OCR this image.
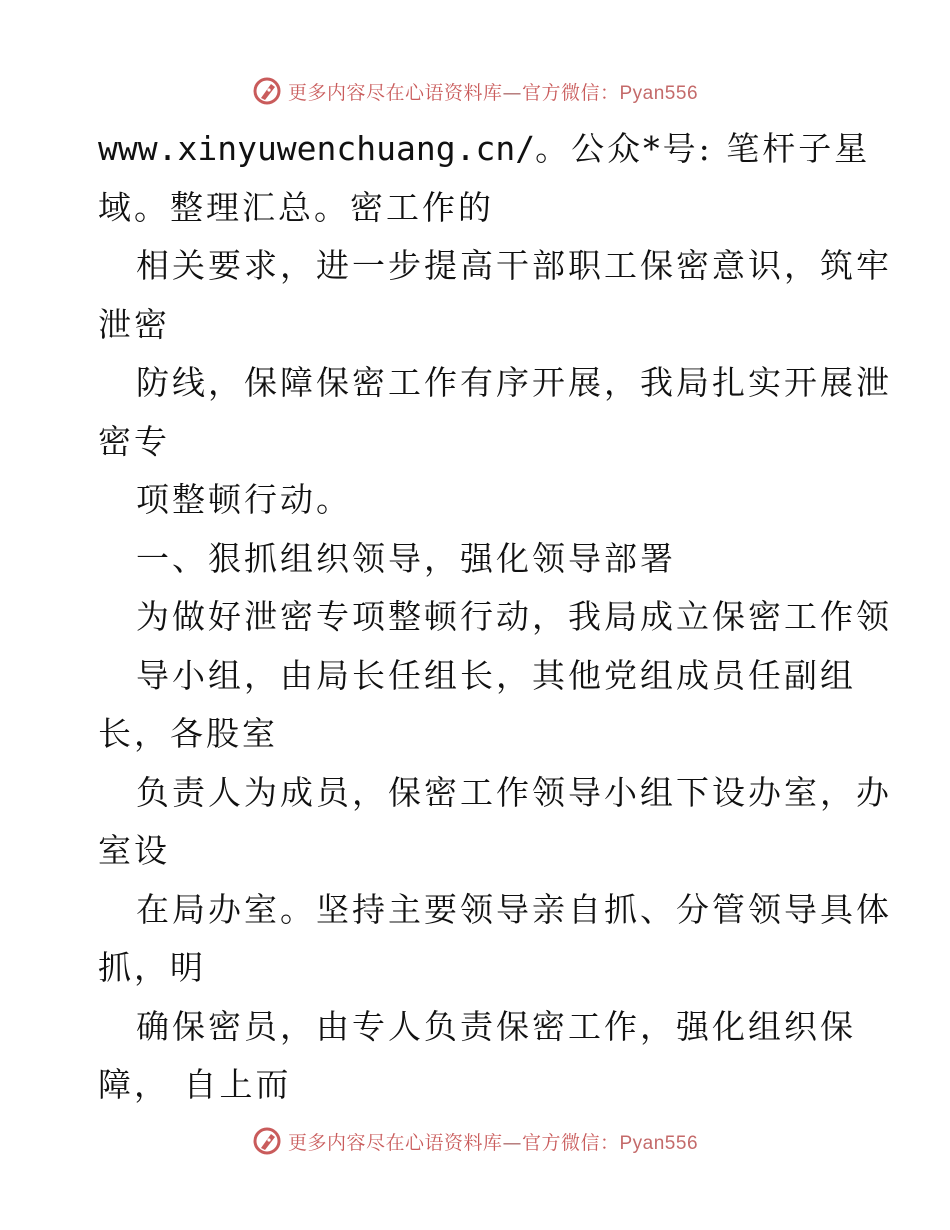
更多内容尽在心语资料库—官方微信：Pyan556
www.xinyuwenchuang.cn/。公众*号: 笔杆子星
域。整理汇总。密工作的
相关要求，进一步提高干部职工保密意识，筑牢
泄密
防线，保障保密工作有序开展，我局扎实开展泄
密专
项整顿行动。
一、狠抓组织领导，强化领导部署
为做好泄密专项整顿行动，我局成立保密工作领
导小组，由局长任组长，其他党组成员任副组
长，各股室
负责人为成员，保密工作领导小组下设办室，办
室设
在局办室。坚持主要领导亲自抓、分管领导具体
抓，明
确保密员，由专人负责保密工作，强化组织保
障， 自上而
更多内容尽在心语资料库—官方微信：Pyan556
